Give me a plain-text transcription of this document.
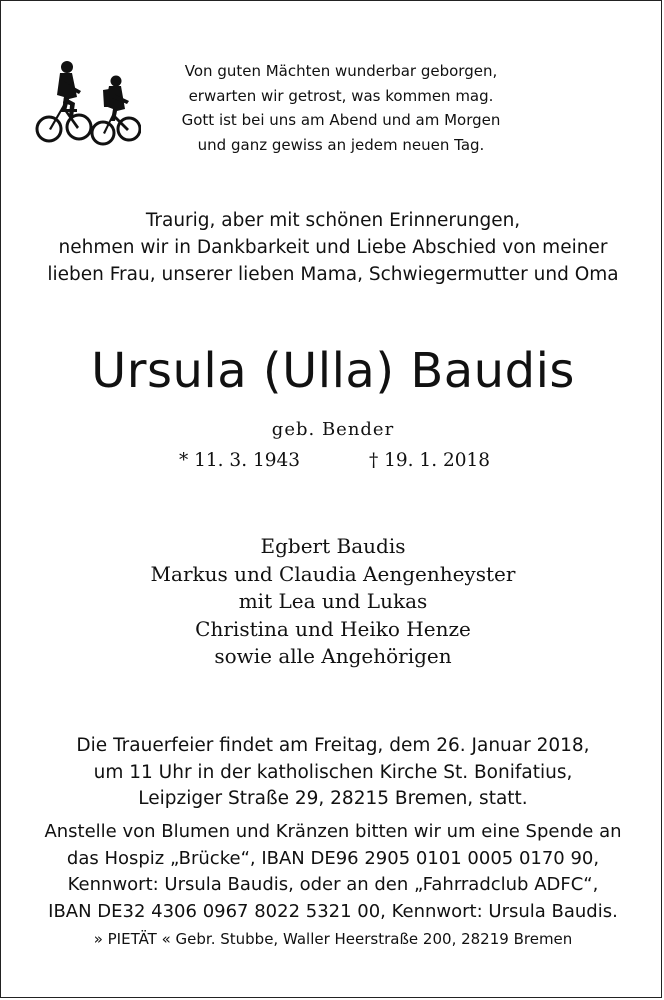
Von guten Mächten wunderbar geborgen,
erwarten wir getrost, was kommen mag.
Gott ist bei uns am Abend und am Morgen
und ganz gewiss an jedem neuen Tag.
Traurig, aber mit schönen Erinnerungen,
nehmen wir in Dankbarkeit und Liebe Abschied von meiner
lieben Frau, unserer lieben Mama, Schwiegermutter und Oma
Ursula (Ulla) Baudis
geb. Bender
* 11. 3. 1943	† 19. 1. 2018
Egbert Baudis
Markus und Claudia Aengenheyster
mit Lea und Lukas
Christina und Heiko Henze
sowie alle Angehörigen
Die Trauerfeier findet am Freitag, dem 26. Januar 2018,
um 11 Uhr in der katholischen Kirche St. Bonifatius,
Leipziger Straße 29, 28215 Bremen, statt.
Anstelle von Blumen und Kränzen bitten wir um eine Spende an
das Hospiz „Brücke“, IBAN DE96 2905 0101 0005 0170 90,
Kennwort: Ursula Baudis, oder an den „Fahrradclub ADFC“,
IBAN DE32 4306 0967 8022 5321 00, Kennwort: Ursula Baudis.
» PIETÄT « Gebr. Stubbe, Waller Heerstraße 200, 28219 Bremen
